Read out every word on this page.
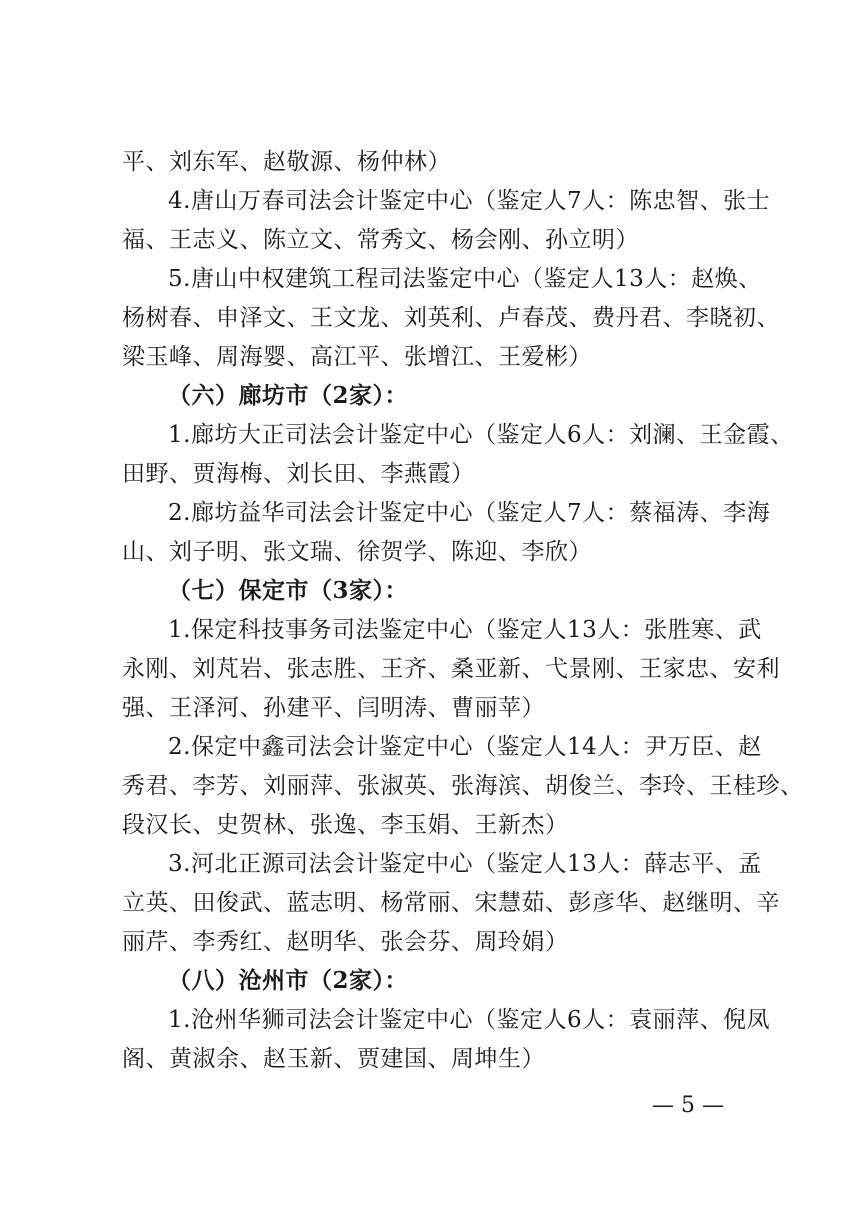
平、刘东军、赵敬源、杨仲林）
4.唐山万春司法会计鉴定中心（鉴定人7人：陈忠智、张士
福、王志义、陈立文、常秀文、杨会刚、孙立明）
5.唐山中权建筑工程司法鉴定中心（鉴定人13人：赵焕、
杨树春、申泽文、王文龙、刘英利、卢春茂、费丹君、李晓初、
梁玉峰、周海婴、高江平、张增江、王爱彬）
（六）廊坊市（2家）：
1.廊坊大正司法会计鉴定中心（鉴定人6人：刘澜、王金霞、
田野、贾海梅、刘长田、李燕霞）
2.廊坊益华司法会计鉴定中心（鉴定人7人：蔡福涛、李海
山、刘子明、张文瑞、徐贺学、陈迎、李欣）
（七）保定市（3家）：
1.保定科技事务司法鉴定中心（鉴定人13人：张胜寒、武
永刚、刘芃岩、张志胜、王齐、桑亚新、弋景刚、王家忠、安利
强、王泽河、孙建平、闫明涛、曹丽苹）
2.保定中鑫司法会计鉴定中心（鉴定人14人：尹万臣、赵
秀君、李芳、刘丽萍、张淑英、张海滨、胡俊兰、李玲、王桂珍、
段汉长、史贺林、张逸、李玉娟、王新杰）
3.河北正源司法会计鉴定中心（鉴定人13人：薛志平、孟
立英、田俊武、蓝志明、杨常丽、宋慧茹、彭彦华、赵继明、辛
丽芹、李秀红、赵明华、张会芬、周玲娟）
（八）沧州市（2家）：
1.沧州华狮司法会计鉴定中心（鉴定人6人：袁丽萍、倪凤
阁、黄淑余、赵玉新、贾建国、周坤生）
— 5 —
